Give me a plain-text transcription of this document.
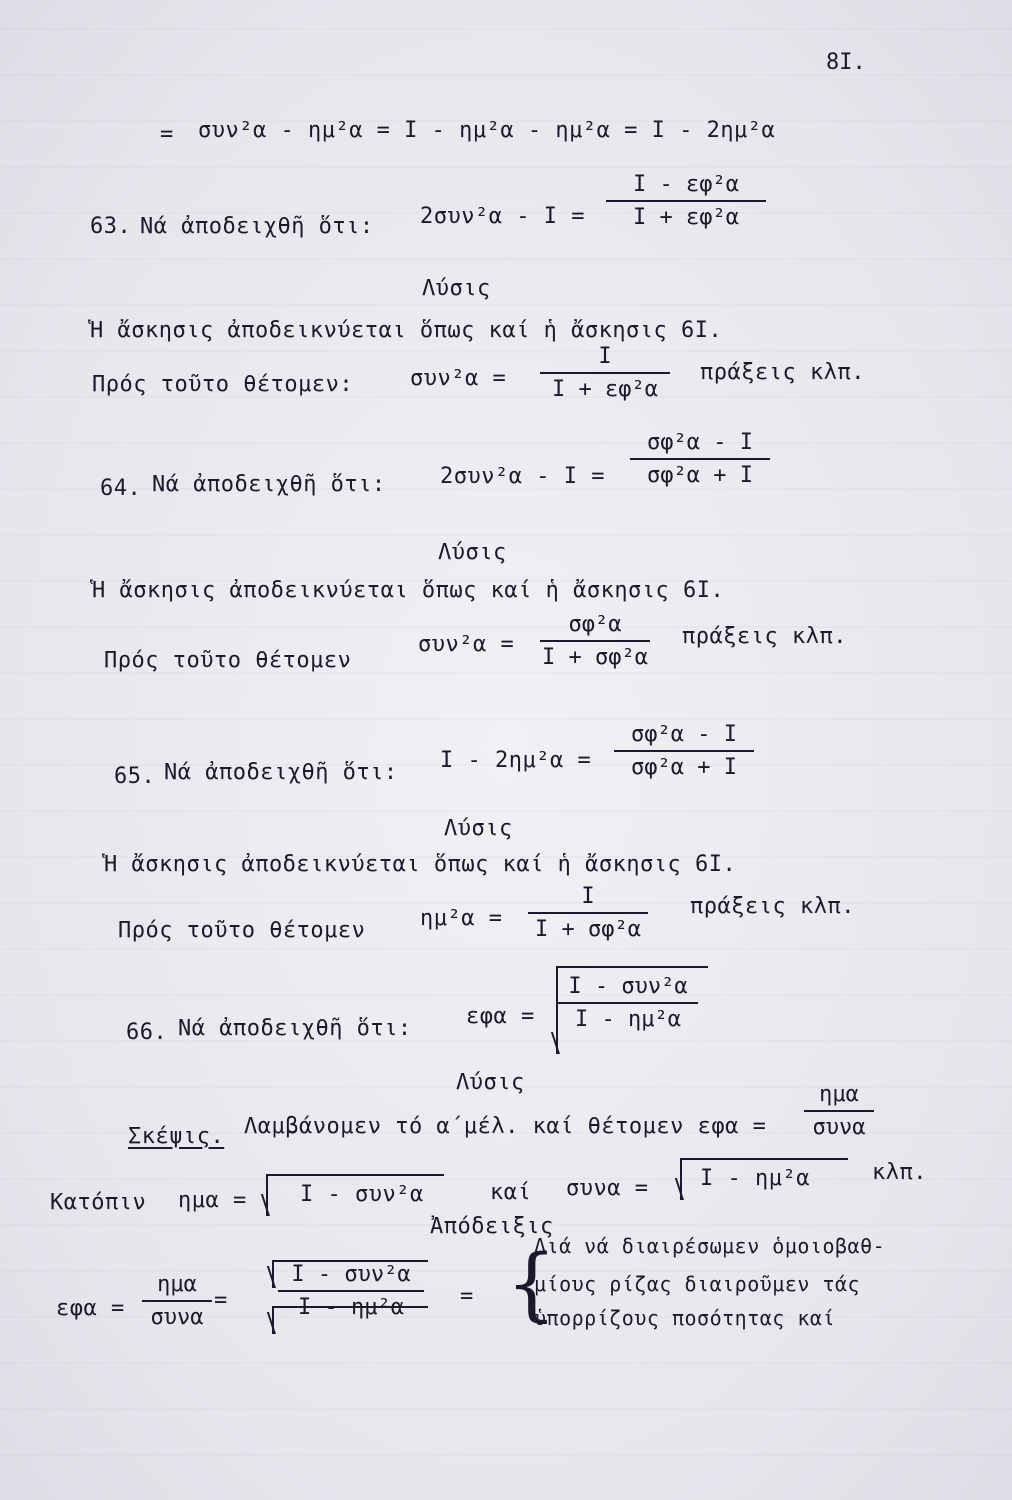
8I.
= συν²α - ημ²α = I - ημ²α - ημ²α = I - 2ημ²α
63. Νά ἀποδειχθῆ ὅτι: 2συν²α - I =
I - εφ²α
I + εφ²α
Λύσις
Ἡ ἄσκησις ἀποδεικνύεται ὅπως καί ἡ ἄσκησις 6I.
Πρός τοῦτο θέτομεν:	συν²α =
I
I + εφ²α
πράξεις κλπ.
64. Νά ἀποδειχθῆ ὅτι: 2συν²α - I =
σφ²α - I
σφ²α + I
Λύσις
Ἡ ἄσκησις ἀποδεικνύεται ὅπως καί ἡ ἄσκησις 6I.
Πρός τοῦτο θέτομεν
συν²α =
σφ²α
I + σφ²α
πράξεις κλπ.
65. Νά ἀποδειχθῆ ὅτι: I - 2ημ²α =
σφ²α - I
σφ²α + I
Λύσις
Ἡ ἄσκησις ἀποδεικνύεται ὅπως καί ἡ ἄσκησις 6I.
Πρός τοῦτο θέτομεν ημ²α =
I
I + σφ²α
πράξεις κλπ.
66. Νά ἀποδειχθῆ ὅτι: εφα =
I - συν²α
I - ημ²α
Λύσις
Σκέψις. Λαμβάνομεν τό α΄μέλ. καί θέτομεν εφα =
ημα
συνα
Κατόπιν ημα = I - συν²α	καί συνα = I - ημ²α	κλπ.
Ἀπόδειξις
εφα =
ημα
συνα
=
I - συν²α
I - ημ²α	= {
Διά νά διαιρέσωμεν ὁμοιοβαθ-
μίους ρίζας διαιροῦμεν τάς
ὑπορρίζους ποσότητας καί
